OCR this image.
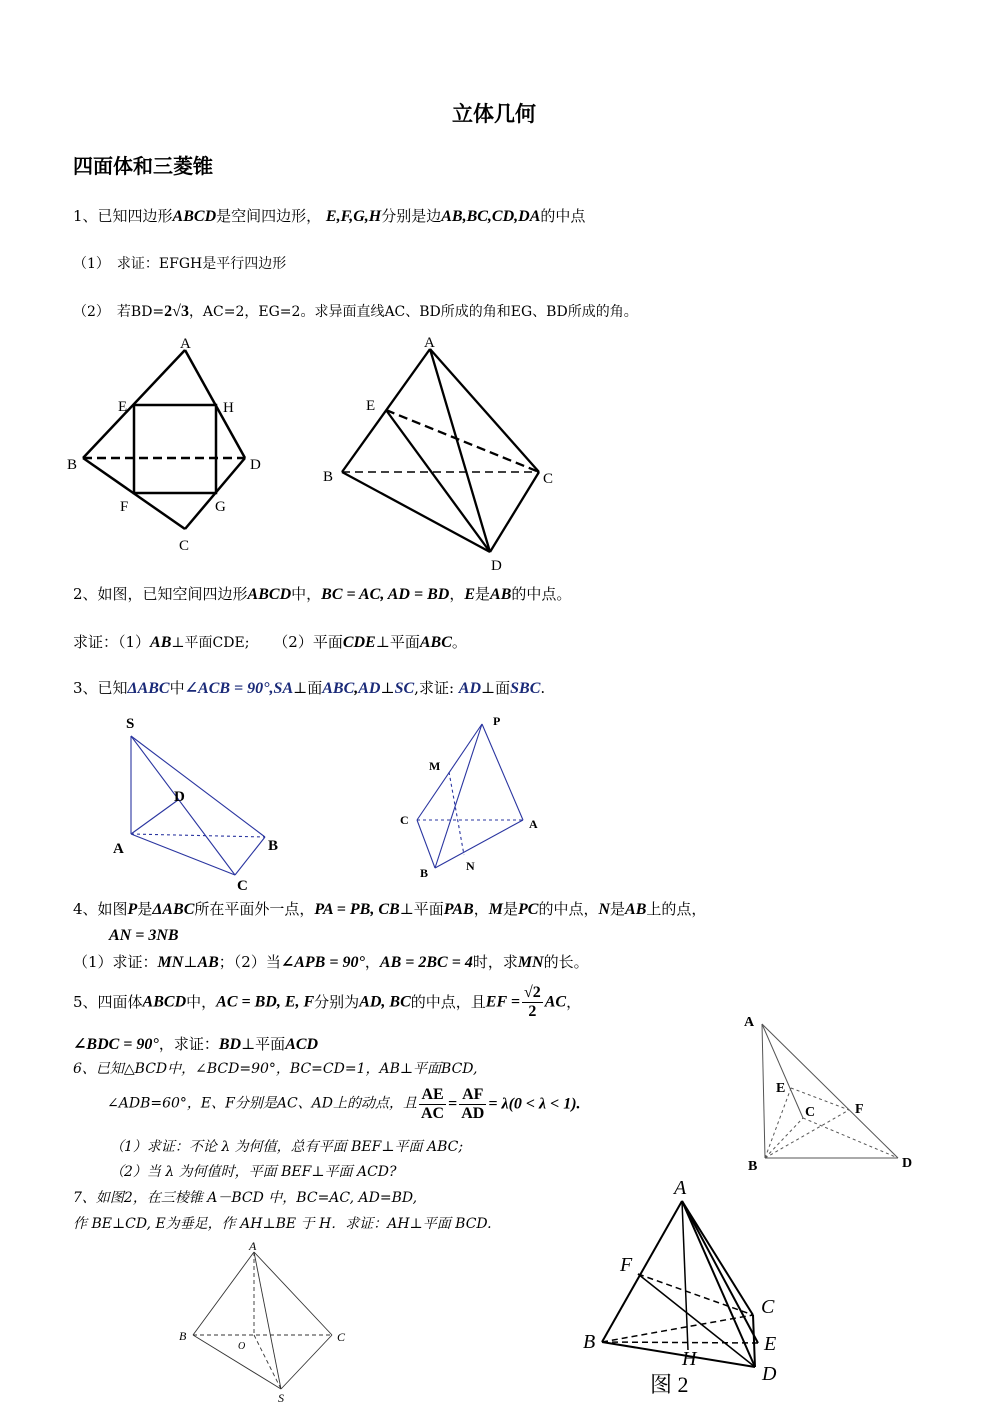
立体几何
四面体和三菱锥
1、已知四边形ABCD是空间四边形， E,F,G,H分别是边AB,BC,CD,DA的中点
（1）　求证：EFGH是平行四边形
（2）　若BD=2√3，AC=2，EG=2。求异面直线AC、BD所成的角和EG、BD所成的角。
A
E	H
B	D
F	G
C
A
E
B	C
D
2、如图，已知空间四边形ABCD中，BC = AC, AD = BD，E是AB的中点。
求证：（1）AB⊥平面CDE; （2）平面CDE⊥平面ABC。
3、已知ΔABC中∠ACB = 90°,SA⊥面ABC,AD⊥SC,求证: AD⊥面SBC.
S
D
A	B
C
P
M
C	A
B	N
4、如图P是ΔABC所在平面外一点，PA = PB, CB⊥平面PAB，M是PC的中点，N是AB上的点，
AN = 3NB
（1）求证：MN⊥AB；（2）当∠APB = 90°，AB = 2BC = 4时，求MN的长。
5、四面体ABCD中，AC = BD, E, F分别为AD, BC的中点，且EF = $\frac{√2}{2}$ AC，
∠BDC = 90°，求证：BD⊥平面ACD
6、已知△BCD中，∠BCD=90°，BC=CD=1，AB⊥平面BCD,
∠ADB=60°，E、F分别是AC、AD上的动点，且 $\frac{AE}{AC} = \frac{AF}{AD} = \lambda(0 < \lambda < 1)$.
（1）求证：不论 λ 为何值，总有平面 BEF⊥平面 ABC;
（2）当 λ 为何值时，平面 BEF⊥平面 ACD?
A
E
C	F
B	D
7、如图2，在三棱锥 A－BCD 中，BC=AC, AD=BD,
作 BE⊥CD, E为垂足，作 AH⊥BE 于 H．求证：AH⊥平面 BCD.
A
B	C
O
S
A
F
C
B	E
H
D
图 2
